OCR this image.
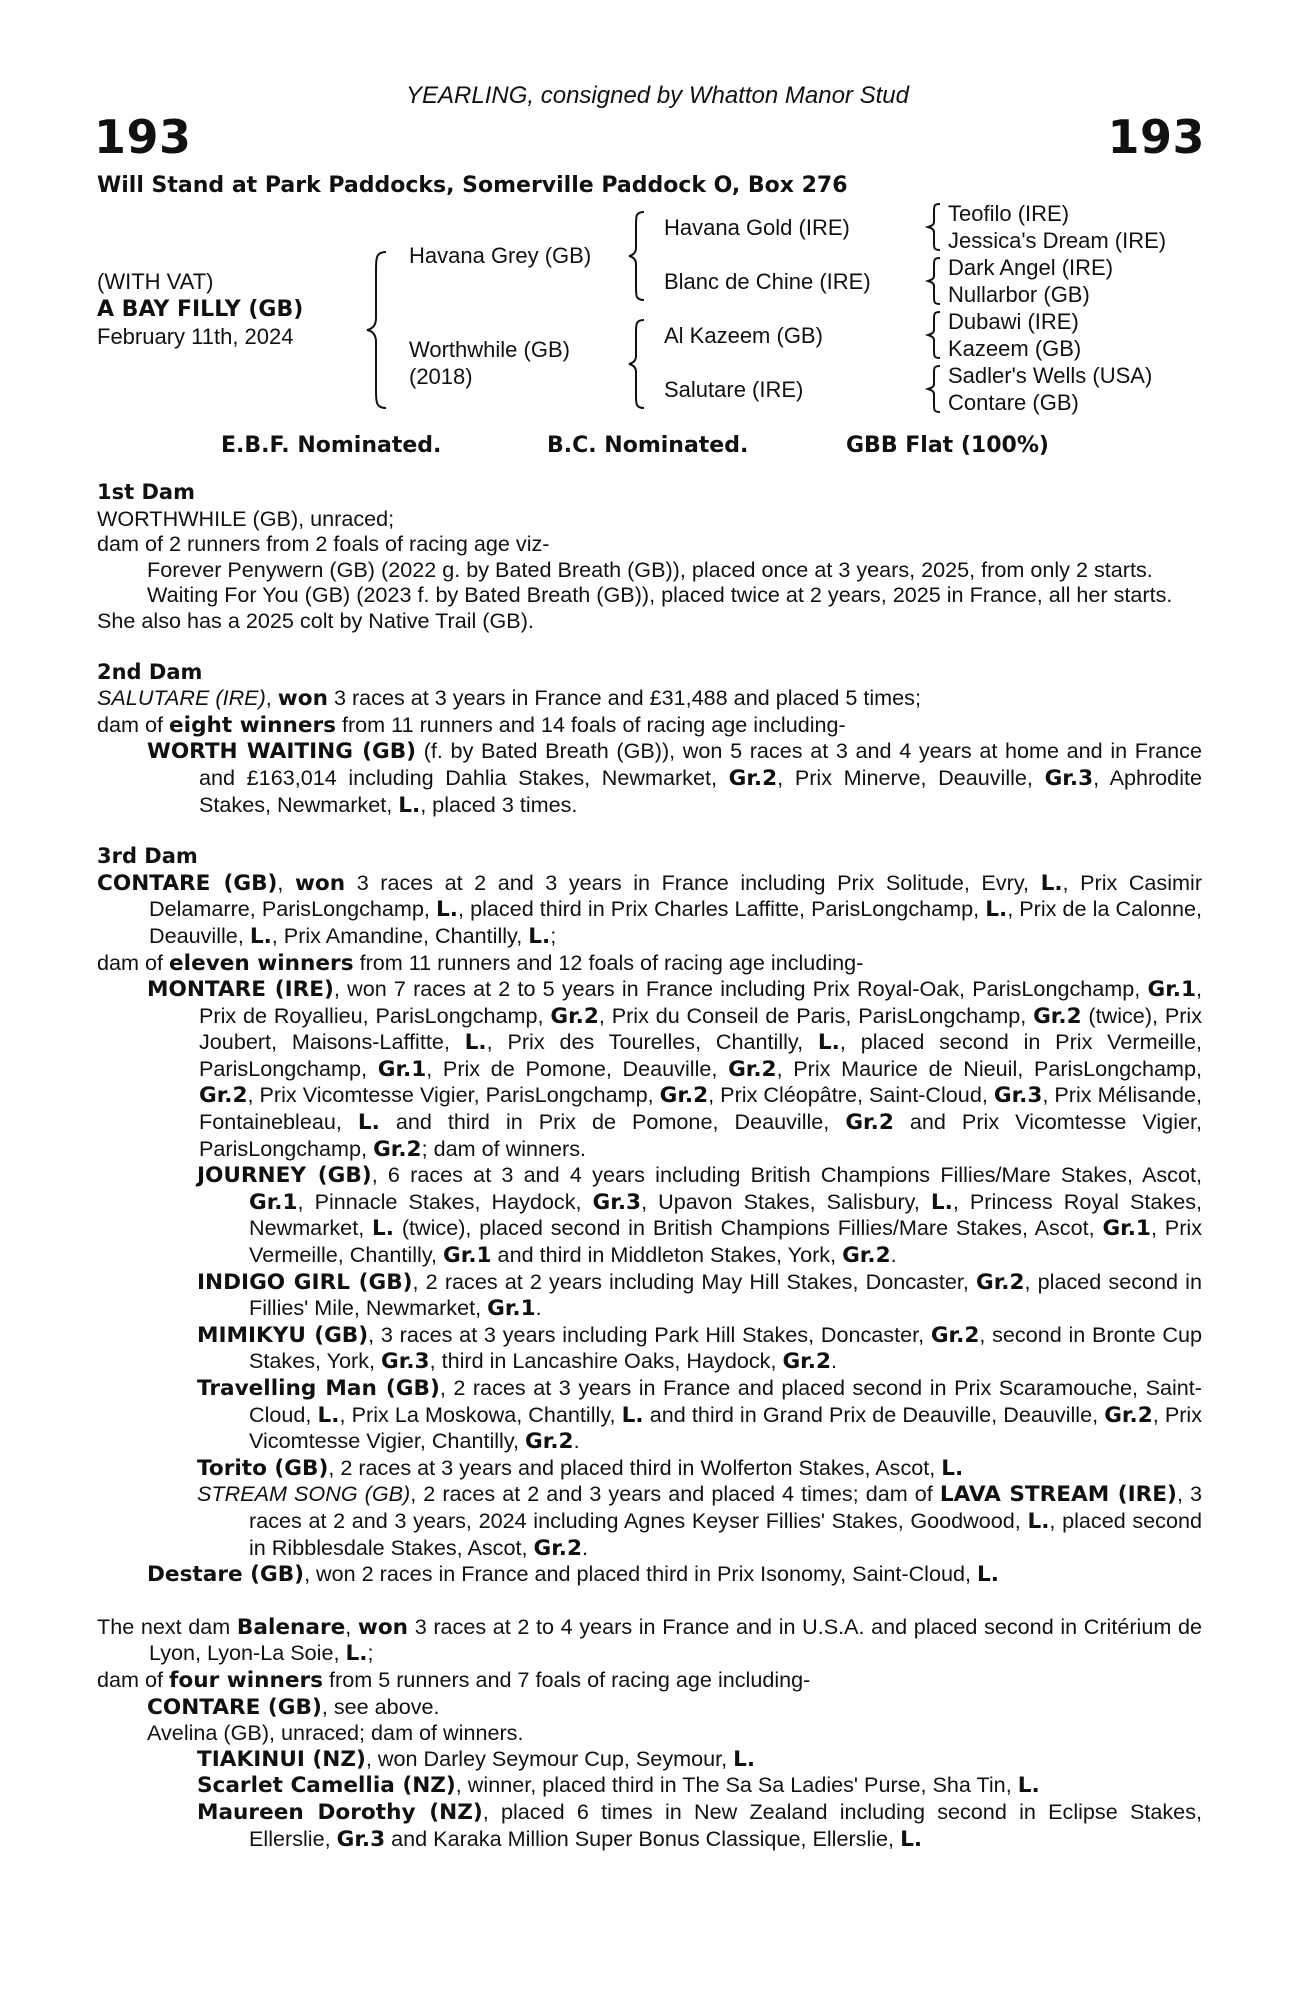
YEARLING, consigned by Whatton Manor Stud
193	193
Will Stand at Park Paddocks, Somerville Paddock O, Box 276
(WITH VAT)
A BAY FILLY (GB)
February 11th, 2024
Havana Grey (GB)
Worthwhile (GB)
(2018)
Havana Gold (IRE)
Blanc de Chine (IRE)
Al Kazeem (GB)
Salutare (IRE)
Teofilo (IRE)
Jessica's Dream (IRE)
Dark Angel (IRE)
Nullarbor (GB)
Dubawi (IRE)
Kazeem (GB)
Sadler's Wells (USA)
Contare (GB)
E.B.F. Nominated.	B.C. Nominated.	GBB Flat (100%)
1st Dam
WORTHWHILE (GB), unraced;
dam of 2 runners from 2 foals of racing age viz-
Forever Penywern (GB) (2022 g. by Bated Breath (GB)), placed once at 3 years, 2025, from only 2 starts.
Waiting For You (GB) (2023 f. by Bated Breath (GB)), placed twice at 2 years, 2025 in France, all her starts.
She also has a 2025 colt by Native Trail (GB).
2nd Dam
SALUTARE (IRE), won 3 races at 3 years in France and £31,488 and placed 5 times;
dam of eight winners from 11 runners and 14 foals of racing age including-
WORTH WAITING (GB) (f. by Bated Breath (GB)), won 5 races at 3 and 4 years at home and in France and £163,014 including Dahlia Stakes, Newmarket, Gr.2, Prix Minerve, Deauville, Gr.3, Aphrodite Stakes, Newmarket, L., placed 3 times.
3rd Dam
CONTARE (GB), won 3 races at 2 and 3 years in France including Prix Solitude, Evry, L., Prix Casimir Delamarre, ParisLongchamp, L., placed third in Prix Charles Laffitte, ParisLongchamp, L., Prix de la Calonne, Deauville, L., Prix Amandine, Chantilly, L.;
dam of eleven winners from 11 runners and 12 foals of racing age including-
MONTARE (IRE), won 7 races at 2 to 5 years in France including Prix Royal-Oak, ParisLongchamp, Gr.1, Prix de Royallieu, ParisLongchamp, Gr.2, Prix du Conseil de Paris, ParisLongchamp, Gr.2 (twice), Prix Joubert, Maisons-Laffitte, L., Prix des Tourelles, Chantilly, L., placed second in Prix Vermeille, ParisLongchamp, Gr.1, Prix de Pomone, Deauville, Gr.2, Prix Maurice de Nieuil, ParisLongchamp, Gr.2, Prix Vicomtesse Vigier, ParisLongchamp, Gr.2, Prix Cléopâtre, Saint-Cloud, Gr.3, Prix Mélisande, Fontainebleau, L. and third in Prix de Pomone, Deauville, Gr.2 and Prix Vicomtesse Vigier, ParisLongchamp, Gr.2; dam of winners.
JOURNEY (GB), 6 races at 3 and 4 years including British Champions Fillies/Mare Stakes, Ascot, Gr.1, Pinnacle Stakes, Haydock, Gr.3, Upavon Stakes, Salisbury, L., Princess Royal Stakes, Newmarket, L. (twice), placed second in British Champions Fillies/Mare Stakes, Ascot, Gr.1, Prix Vermeille, Chantilly, Gr.1 and third in Middleton Stakes, York, Gr.2.
INDIGO GIRL (GB), 2 races at 2 years including May Hill Stakes, Doncaster, Gr.2, placed second in Fillies' Mile, Newmarket, Gr.1.
MIMIKYU (GB), 3 races at 3 years including Park Hill Stakes, Doncaster, Gr.2, second in Bronte Cup Stakes, York, Gr.3, third in Lancashire Oaks, Haydock, Gr.2.
Travelling Man (GB), 2 races at 3 years in France and placed second in Prix Scaramouche, Saint-Cloud, L., Prix La Moskowa, Chantilly, L. and third in Grand Prix de Deauville, Deauville, Gr.2, Prix Vicomtesse Vigier, Chantilly, Gr.2.
Torito (GB), 2 races at 3 years and placed third in Wolferton Stakes, Ascot, L.
STREAM SONG (GB), 2 races at 2 and 3 years and placed 4 times; dam of LAVA STREAM (IRE), 3 races at 2 and 3 years, 2024 including Agnes Keyser Fillies' Stakes, Goodwood, L., placed second in Ribblesdale Stakes, Ascot, Gr.2.
Destare (GB), won 2 races in France and placed third in Prix Isonomy, Saint-Cloud, L.
The next dam Balenare, won 3 races at 2 to 4 years in France and in U.S.A. and placed second in Critérium de Lyon, Lyon-La Soie, L.;
dam of four winners from 5 runners and 7 foals of racing age including-
CONTARE (GB), see above.
Avelina (GB), unraced; dam of winners.
TIAKINUI (NZ), won Darley Seymour Cup, Seymour, L.
Scarlet Camellia (NZ), winner, placed third in The Sa Sa Ladies' Purse, Sha Tin, L.
Maureen Dorothy (NZ), placed 6 times in New Zealand including second in Eclipse Stakes, Ellerslie, Gr.3 and Karaka Million Super Bonus Classique, Ellerslie, L.
